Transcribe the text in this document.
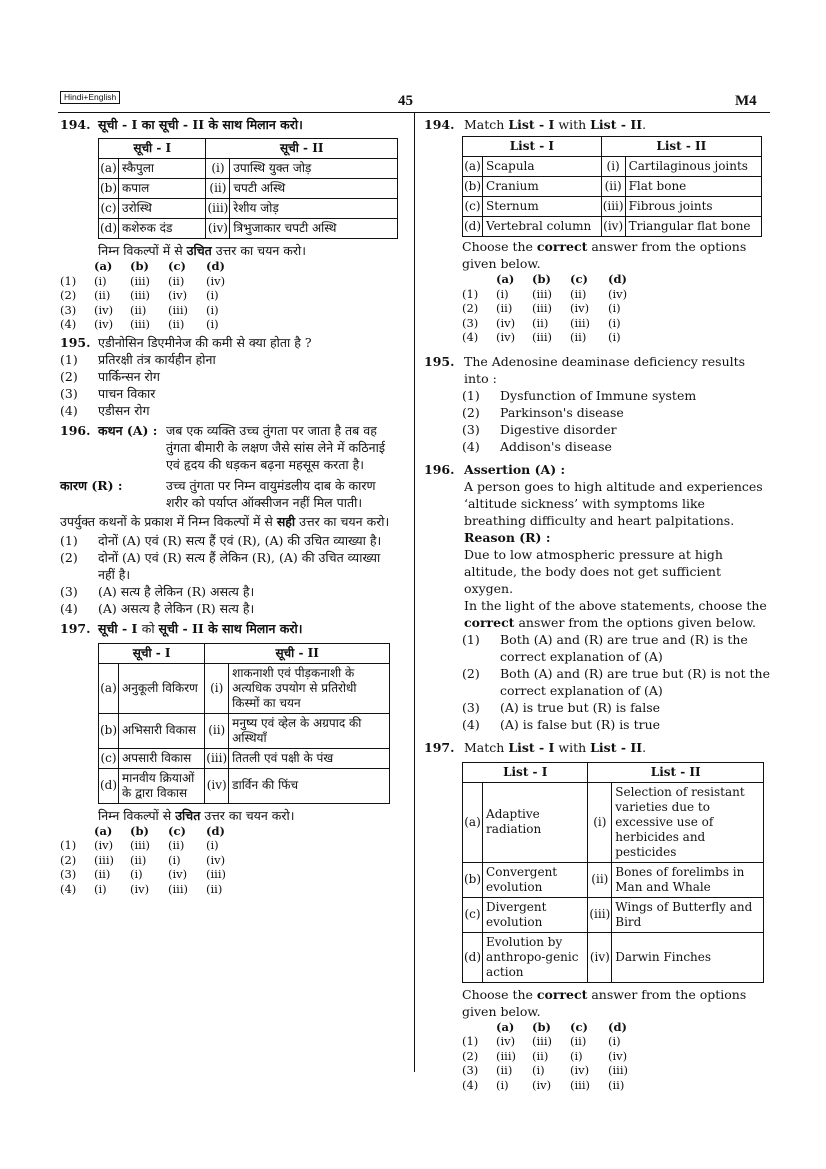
Hindi+English	45	M4
194. सूची - I का सूची - II के साथ मिलान करो।
सूची - I		सूची - II	
(a)	स्कैपुला	(i)	उपास्थि युक्त जोड़
(b)	कपाल	(ii)	चपटी अस्थि
(c)	उरोस्थि	(iii)	रेशीय जोड़
(d)	कशेरुक दंड	(iv)	त्रिभुजाकार चपटी अस्थि
निम्न विकल्पों में से उचित उत्तर का चयन करो।
(a)	(b)	(c)	(d)
(1)	(i)	(iii)	(ii)	(iv)
(2)	(ii)	(iii)	(iv)	(i)
(3)	(iv)	(ii)	(iii)	(i)
(4)	(iv)	(iii)	(ii)	(i)
195. एडीनोसिन डिएमीनेज की कमी से क्या होता है ?
(1)	प्रतिरक्षी तंत्र कार्यहीन होना
(2)	पार्किन्सन रोग
(3)	पाचन विकार
(4)	एडीसन रोग
196. कथन (A) : जब एक व्यक्ति उच्च तुंगता पर जाता है तब वह तुंगता बीमारी के लक्षण जैसे सांस लेने में कठिनाई एवं हृदय की धड़कन बढ़ना महसूस करता है।
कारण (R) :	उच्च तुंगता पर निम्न वायुमंडलीय दाब के कारण शरीर को पर्याप्त ऑक्सीजन नहीं मिल पाती।
उपर्युक्त कथनों के प्रकाश में निम्न विकल्पों में से सही उत्तर का चयन करो।
(1)	दोनों (A) एवं (R) सत्य हैं एवं (R), (A) की उचित व्याख्या है।
(2)	दोनों (A) एवं (R) सत्य हैं लेकिन (R), (A) की उचित व्याख्या नहीं है।
(3)	(A) सत्य है लेकिन (R) असत्य है।
(4)	(A) असत्य है लेकिन (R) सत्य है।
197. सूची - I को सूची - II के साथ मिलान करो।
सूची - I		सूची - II	
(a)	अनुकूली विकिरण	(i)	शाकनाशी एवं पीड़कनाशी के अत्यधिक उपयोग से प्रतिरोधी किस्मों का चयन
(b)	अभिसारी विकास	(ii)	मनुष्य एवं व्हेल के अग्रपाद की अस्थियाँ
(c)	अपसारी विकास	(iii)	तितली एवं पक्षी के पंख
(d)	मानवीय क्रियाओं के द्वारा विकास	(iv)	डार्विन की फिंच
निम्न विकल्पों से उचित उत्तर का चयन करो।
(a)	(b)	(c)	(d)
(1)	(iv)	(iii)	(ii)	(i)
(2)	(iii)	(ii)	(i)	(iv)
(3)	(ii)	(i)	(iv)	(iii)
(4)	(i)	(iv)	(iii)	(ii)
194. Match List - I with List - II.
List - I		List - II	
(a)	Scapula	(i)	Cartilaginous joints
(b)	Cranium	(ii)	Flat bone
(c)	Sternum	(iii)	Fibrous joints
(d)	Vertebral column	(iv)	Triangular flat bone
Choose the correct answer from the options given below.
(a)	(b)	(c)	(d)
(1)	(i)	(iii)	(ii)	(iv)
(2)	(ii)	(iii)	(iv)	(i)
(3)	(iv)	(ii)	(iii)	(i)
(4)	(iv)	(iii)	(ii)	(i)
195. The Adenosine deaminase deficiency results into :
(1)	Dysfunction of Immune system
(2)	Parkinson's disease
(3)	Digestive disorder
(4)	Addison's disease
196. Assertion (A) :
A person goes to high altitude and experiences ‘altitude sickness’ with symptoms like breathing difficulty and heart palpitations.
Reason (R) :
Due to low atmospheric pressure at high altitude, the body does not get sufficient oxygen.
In the light of the above statements, choose the correct answer from the options given below.
(1)	Both (A) and (R) are true and (R) is the correct explanation of (A)
(2)	Both (A) and (R) are true but (R) is not the correct explanation of (A)
(3)	(A) is true but (R) is false
(4)	(A) is false but (R) is true
197. Match List - I with List - II.
List - I		List - II	
(a)	Adaptive radiation	(i)	Selection of resistant varieties due to excessive use of herbicides and pesticides
(b)	Convergent evolution	(ii)	Bones of forelimbs in Man and Whale
(c)	Divergent evolution	(iii)	Wings of Butterfly and Bird
(d)	Evolution by anthropo-genic action	(iv)	Darwin Finches
Choose the correct answer from the options given below.
(a)	(b)	(c)	(d)
(1)	(iv)	(iii)	(ii)	(i)
(2)	(iii)	(ii)	(i)	(iv)
(3)	(ii)	(i)	(iv)	(iii)
(4)	(i)	(iv)	(iii)	(ii)
